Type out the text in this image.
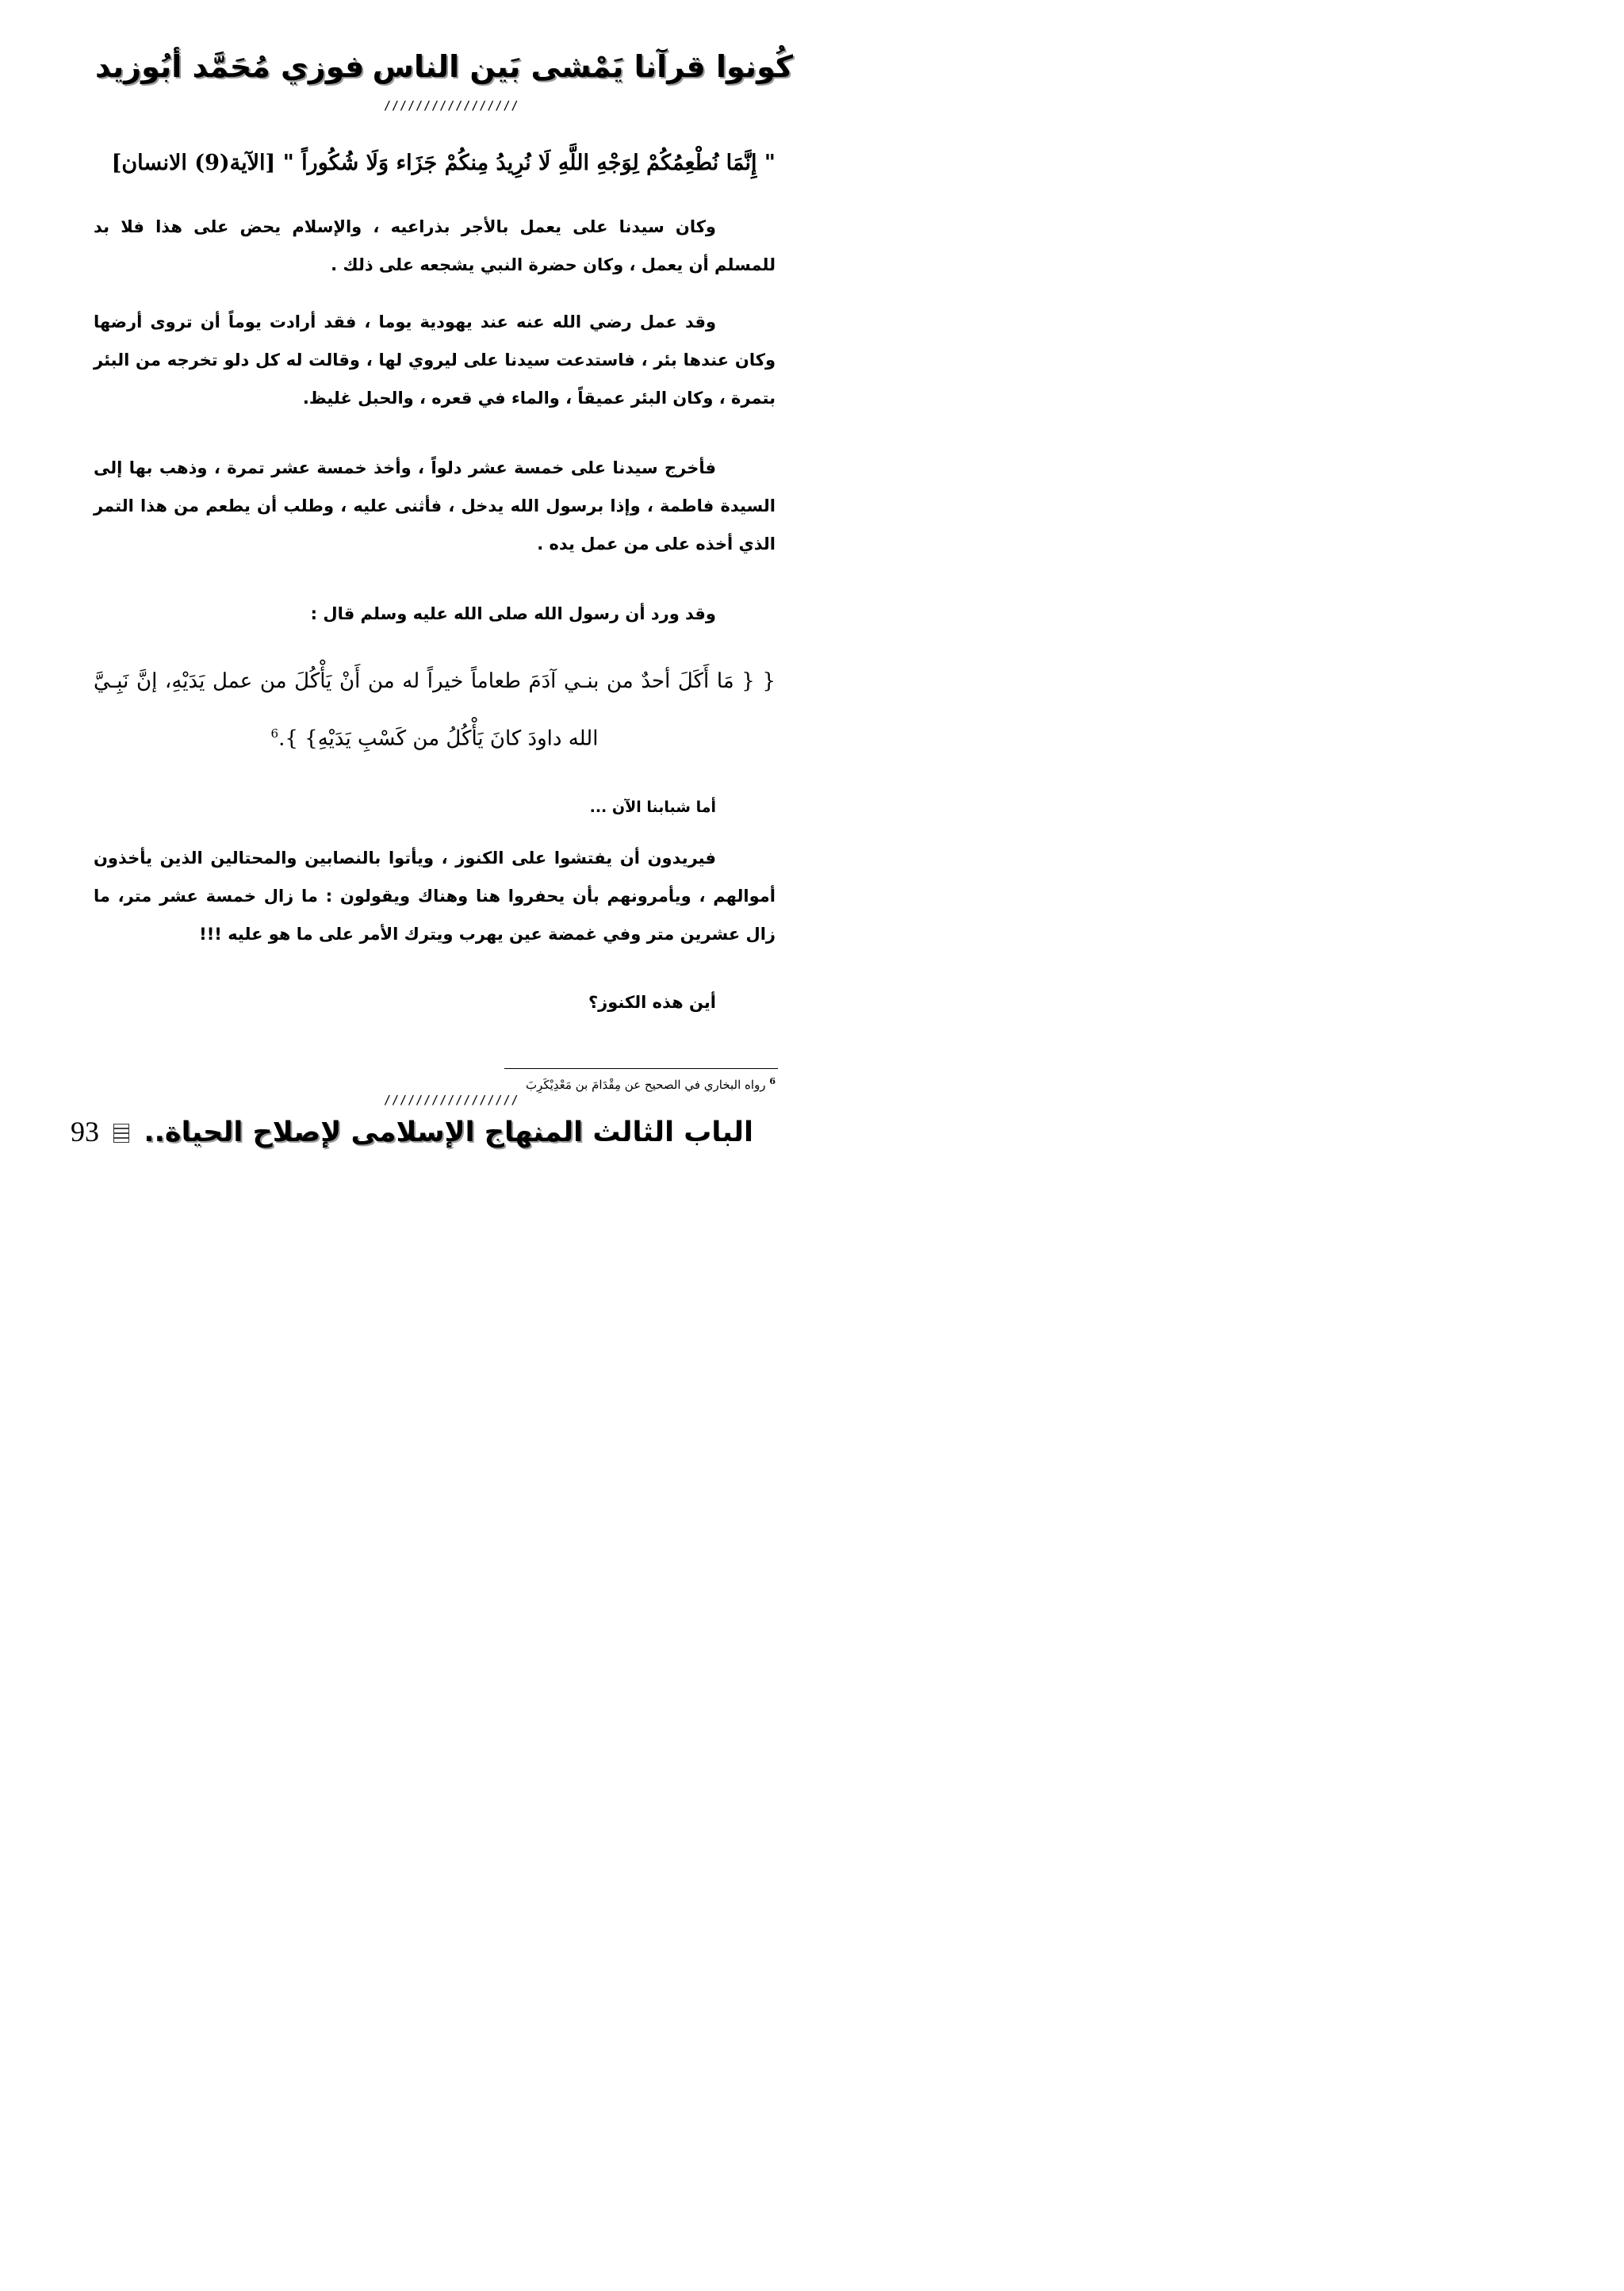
كُونوا قرآنا يَمْشى بَين الناس
فوزي مُحَمَّد أبُوزيد
/////////////////
" إِنَّمَا نُطْعِمُكُمْ لِوَجْهِ اللَّهِ لَا نُرِيدُ مِنكُمْ جَزَاء وَلَا شُكُوراً " [الآية(9) الانسان]
وكان سيدنا على يعمل بالأجر بذراعيه ، والإسلام يحض على هذا فلا بد للمسلم أن يعمل ، وكان حضرة النبي يشجعه على ذلك .
وقد عمل رضي الله عنه عند يهودية يوما ، فقد أرادت يوماً أن تروى أرضها وكان عندها بئر ، فاستدعت سيدنا على ليروي لها ، وقالت له كل دلو تخرجه من البئر بتمرة ، وكان البئر عميقاً ، والماء في قعره ، والحبل غليظ.
فأخرج سيدنا على خمسة عشر دلواً ، وأخذ خمسة عشر تمرة ، وذهب بها إلى السيدة فاطمة ، وإذا برسول الله يدخل ، فأثنى عليه ، وطلب أن يطعم من هذا التمر الذي أخذه على من عمل يده .
وقد ورد أن رسول الله صلى الله عليه وسلم قال :
{ { مَا أَكَلَ أحدٌ من بنـي آدَمَ طعاماً خيراً له من أَنْ يَأْكُلَ من عمل يَدَيْهِ، إنَّ نَبِـيَّ الله داودَ كانَ يَأْكُلُ من كَسْبِ يَدَيْهِ} }.$^6$
أما شبابنا الآن ...
فيريدون أن يفتشوا على الكنوز ، ويأتوا بالنصابين والمحتالين الذين يأخذون أموالهم ، ويأمرونهم بأن يحفروا هنا وهناك ويقولون : ما زال خمسة عشر متر، ما زال عشرين متر وفي غمضة عين يهرب ويترك الأمر على ما هو عليه !!!
أين هذه الكنوز؟
$^6$ رواه البخاري في الصحيح عن مِقْدَامَ بن مَعْدِيْكَرِبَ
/////////////////
الباب الثالث المنهاج الإسلامى لإصلاح الحياة..  93
